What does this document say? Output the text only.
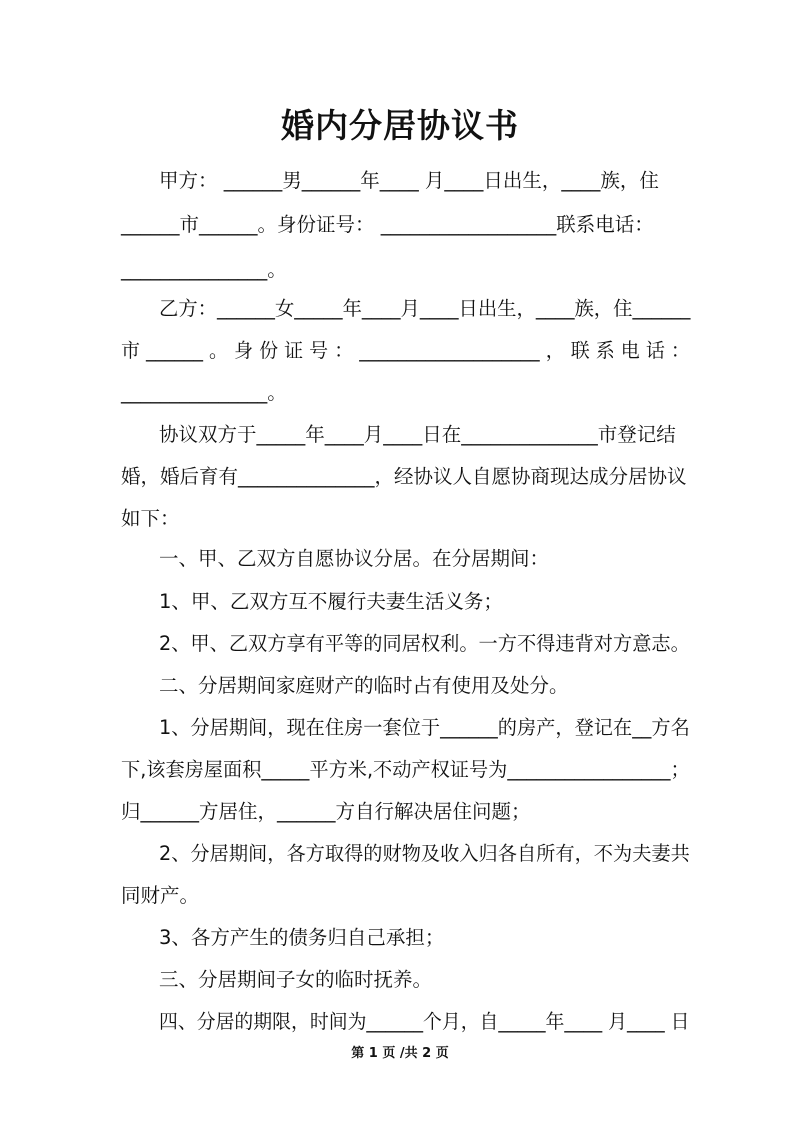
婚内分居协议书
甲方： ______男______年____ 月____日出生，____族，住
______市______。身份证号： __________________联系电话：
_______________。
乙方：______女_____年____月____日出生，____族，住______
市 ______ 。 身 份 证 号 ： ___________________ ， 联 系 电 话 ：
_______________。
协议双方于_____年____月____日在______________市登记结
婚，婚后育有______________，经协议人自愿协商现达成分居协议
如下：
一、甲、乙双方自愿协议分居。在分居期间：
1、甲、乙双方互不履行夫妻生活义务；
2、甲、乙双方享有平等的同居权利。一方不得违背对方意志。
二、分居期间家庭财产的临时占有使用及处分。
1、分居期间，现在住房一套位于______的房产，登记在__方名
下,该套房屋面积_____平方米,不动产权证号为_________________；
归______方居住，______方自行解决居住问题；
2、分居期间，各方取得的财物及收入归各自所有，不为夫妻共
同财产。
3、各方产生的债务归自己承担；
三、分居期间子女的临时抚养。
四、分居的期限，时间为______个月，自_____年____ 月____ 日
第 1 页 /共 2 页
